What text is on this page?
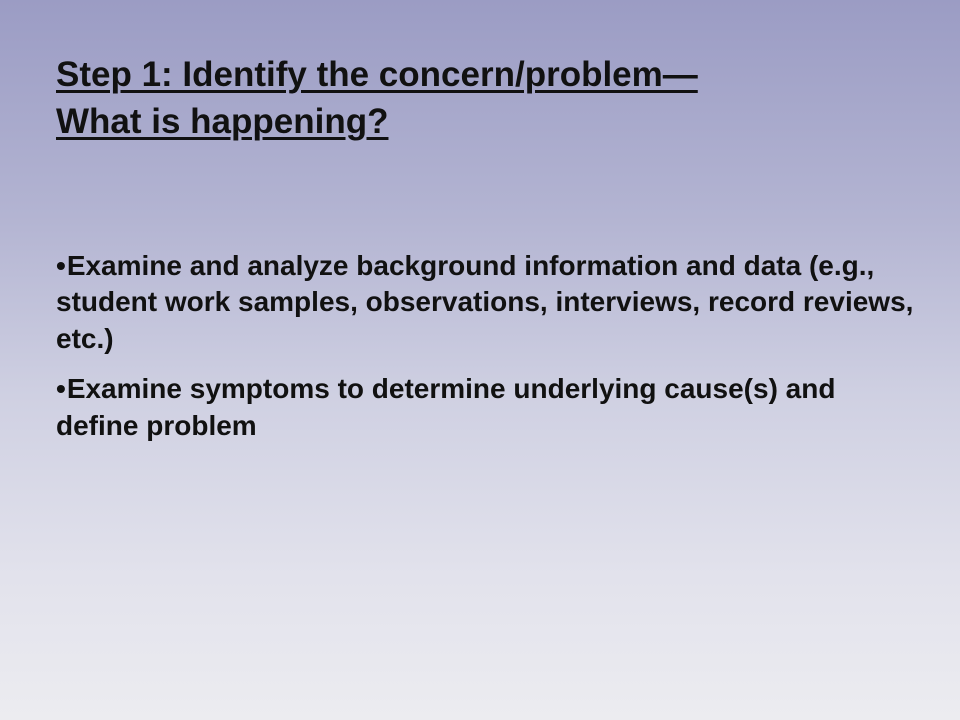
Step 1: Identify the concern/problem—
What is happening?
•Examine and analyze background information and data (e.g., student work samples, observations, interviews, record reviews, etc.)
•Examine symptoms to determine underlying cause(s) and define problem
